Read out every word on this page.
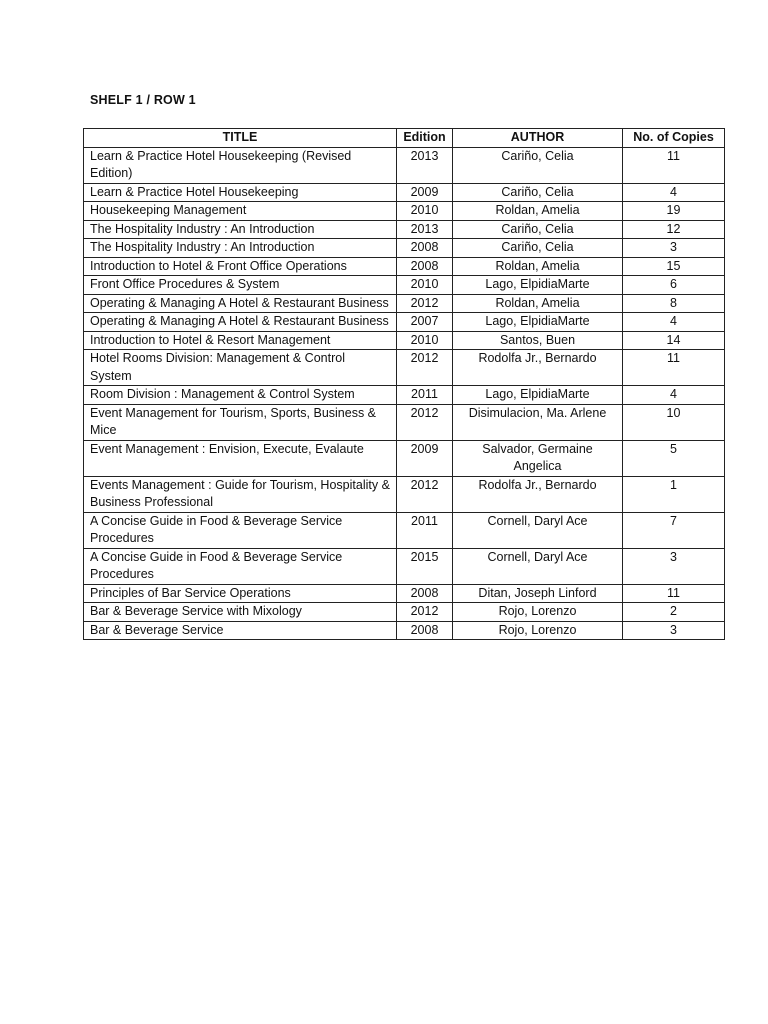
SHELF 1 / ROW 1
TITLE	Edition	AUTHOR	No. of Copies
Learn & Practice Hotel Housekeeping (Revised Edition)	2013	Cariño, Celia	11
Learn & Practice Hotel Housekeeping	2009	Cariño, Celia	4
Housekeeping Management	2010	Roldan, Amelia	19
The Hospitality Industry : An Introduction	2013	Cariño, Celia	12
The Hospitality Industry : An Introduction	2008	Cariño, Celia	3
Introduction to Hotel & Front Office Operations	2008	Roldan, Amelia	15
Front Office Procedures & System	2010	Lago, ElpidiaMarte	6
Operating & Managing A Hotel & Restaurant Business	2012	Roldan, Amelia	8
Operating & Managing A Hotel & Restaurant Business	2007	Lago, ElpidiaMarte	4
Introduction to Hotel & Resort Management	2010	Santos, Buen	14
Hotel Rooms Division: Management & Control System	2012	Rodolfa Jr., Bernardo	11
Room Division : Management & Control System	2011	Lago, ElpidiaMarte	4
Event Management for Tourism, Sports, Business & Mice	2012	Disimulacion, Ma. Arlene	10
Event Management : Envision, Execute, Evalaute	2009	Salvador, Germaine Angelica	5
Events Management : Guide for Tourism, Hospitality & Business Professional	2012	Rodolfa Jr., Bernardo	1
A Concise Guide in Food & Beverage Service Procedures	2011	Cornell, Daryl Ace	7
A Concise Guide in Food & Beverage Service Procedures	2015	Cornell, Daryl Ace	3
Principles of Bar Service Operations	2008	Ditan, Joseph Linford	11
Bar & Beverage Service with Mixology	2012	Rojo, Lorenzo	2
Bar & Beverage Service	2008	Rojo, Lorenzo	3
